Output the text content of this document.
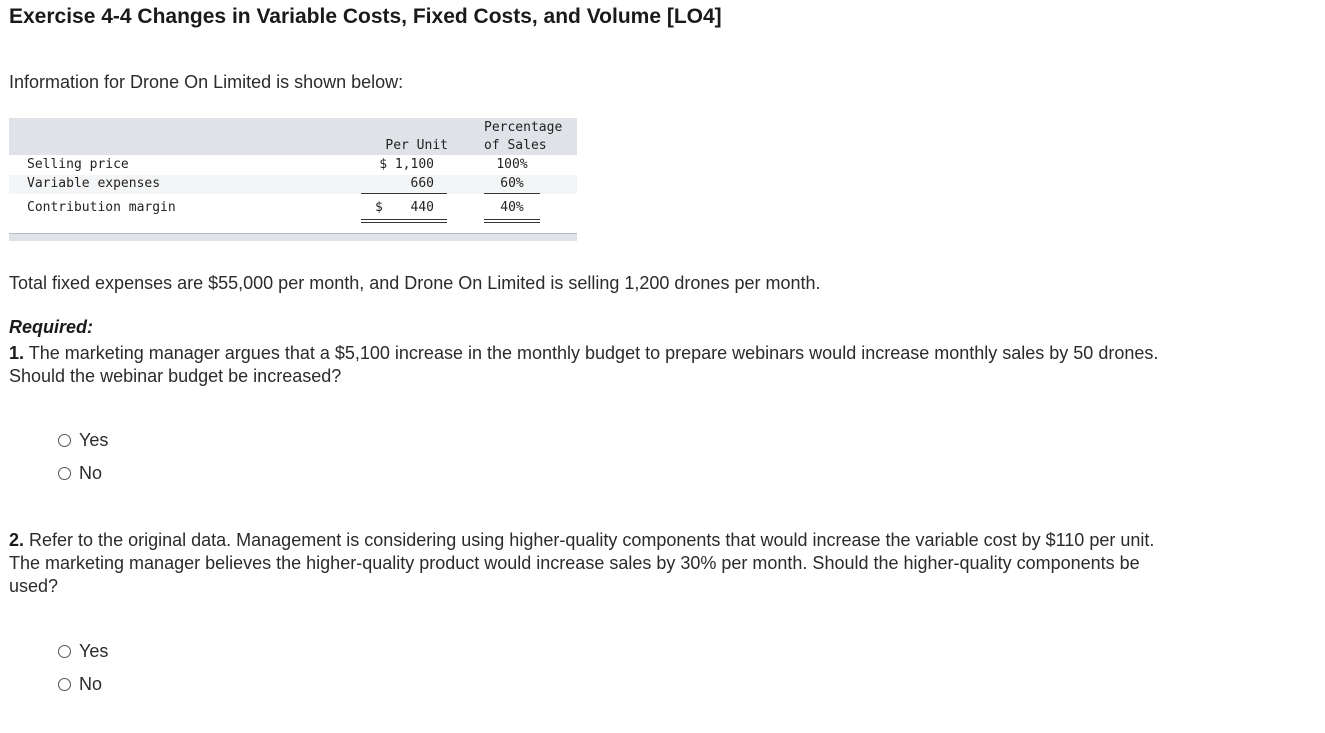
Exercise 4-4 Changes in Variable Costs, Fixed Costs, and Volume [LO4]
Information for Drone On Limited is shown below:
Percentage
Per Unit	of Sales
Selling price	$ 1,100	100%
Variable expenses	660	60%
Contribution margin	$	440	40%
Total fixed expenses are $55,000 per month, and Drone On Limited is selling 1,200 drones per month.
Required:
1. The marketing manager argues that a $5,100 increase in the monthly budget to prepare webinars would increase monthly sales by 50 drones. Should the webinar budget be increased?
Yes
No
2. Refer to the original data. Management is considering using higher-quality components that would increase the variable cost by $110 per unit. The marketing manager believes the higher-quality product would increase sales by 30% per month. Should the higher-quality components be used?
Yes
No
